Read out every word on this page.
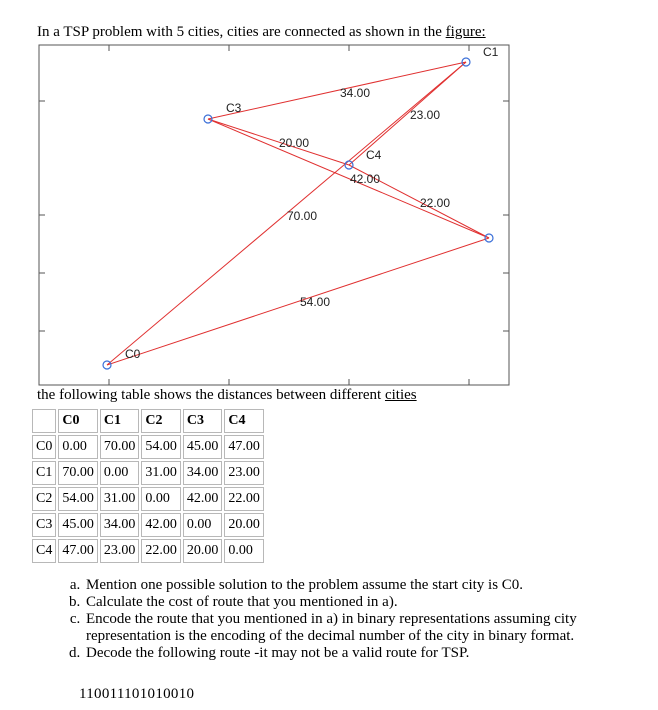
In a TSP problem with 5 cities, cities are connected as shown in the figure:
70.00
54.00
34.00
23.00
20.00
42.00
22.00
C0
C1
C3
C4
the following table shows the distances between different cities
	C0	C1	C2	C3	C4
C0	0.00	70.00	54.00	45.00	47.00
C1	70.00	0.00	31.00	34.00	23.00
C2	54.00	31.00	0.00	42.00	22.00
C3	45.00	34.00	42.00	0.00	20.00
C4	47.00	23.00	22.00	20.00	0.00
a. Mention one possible solution to the problem assume the start city is C0.
b. Calculate the cost of route that you mentioned in a).
c. Encode the route that you mentioned in a) in binary representations assuming city representation is the encoding of the decimal number of the city in binary format.
d. Decode the following route -it may not be a valid route for TSP.
110011101010010
